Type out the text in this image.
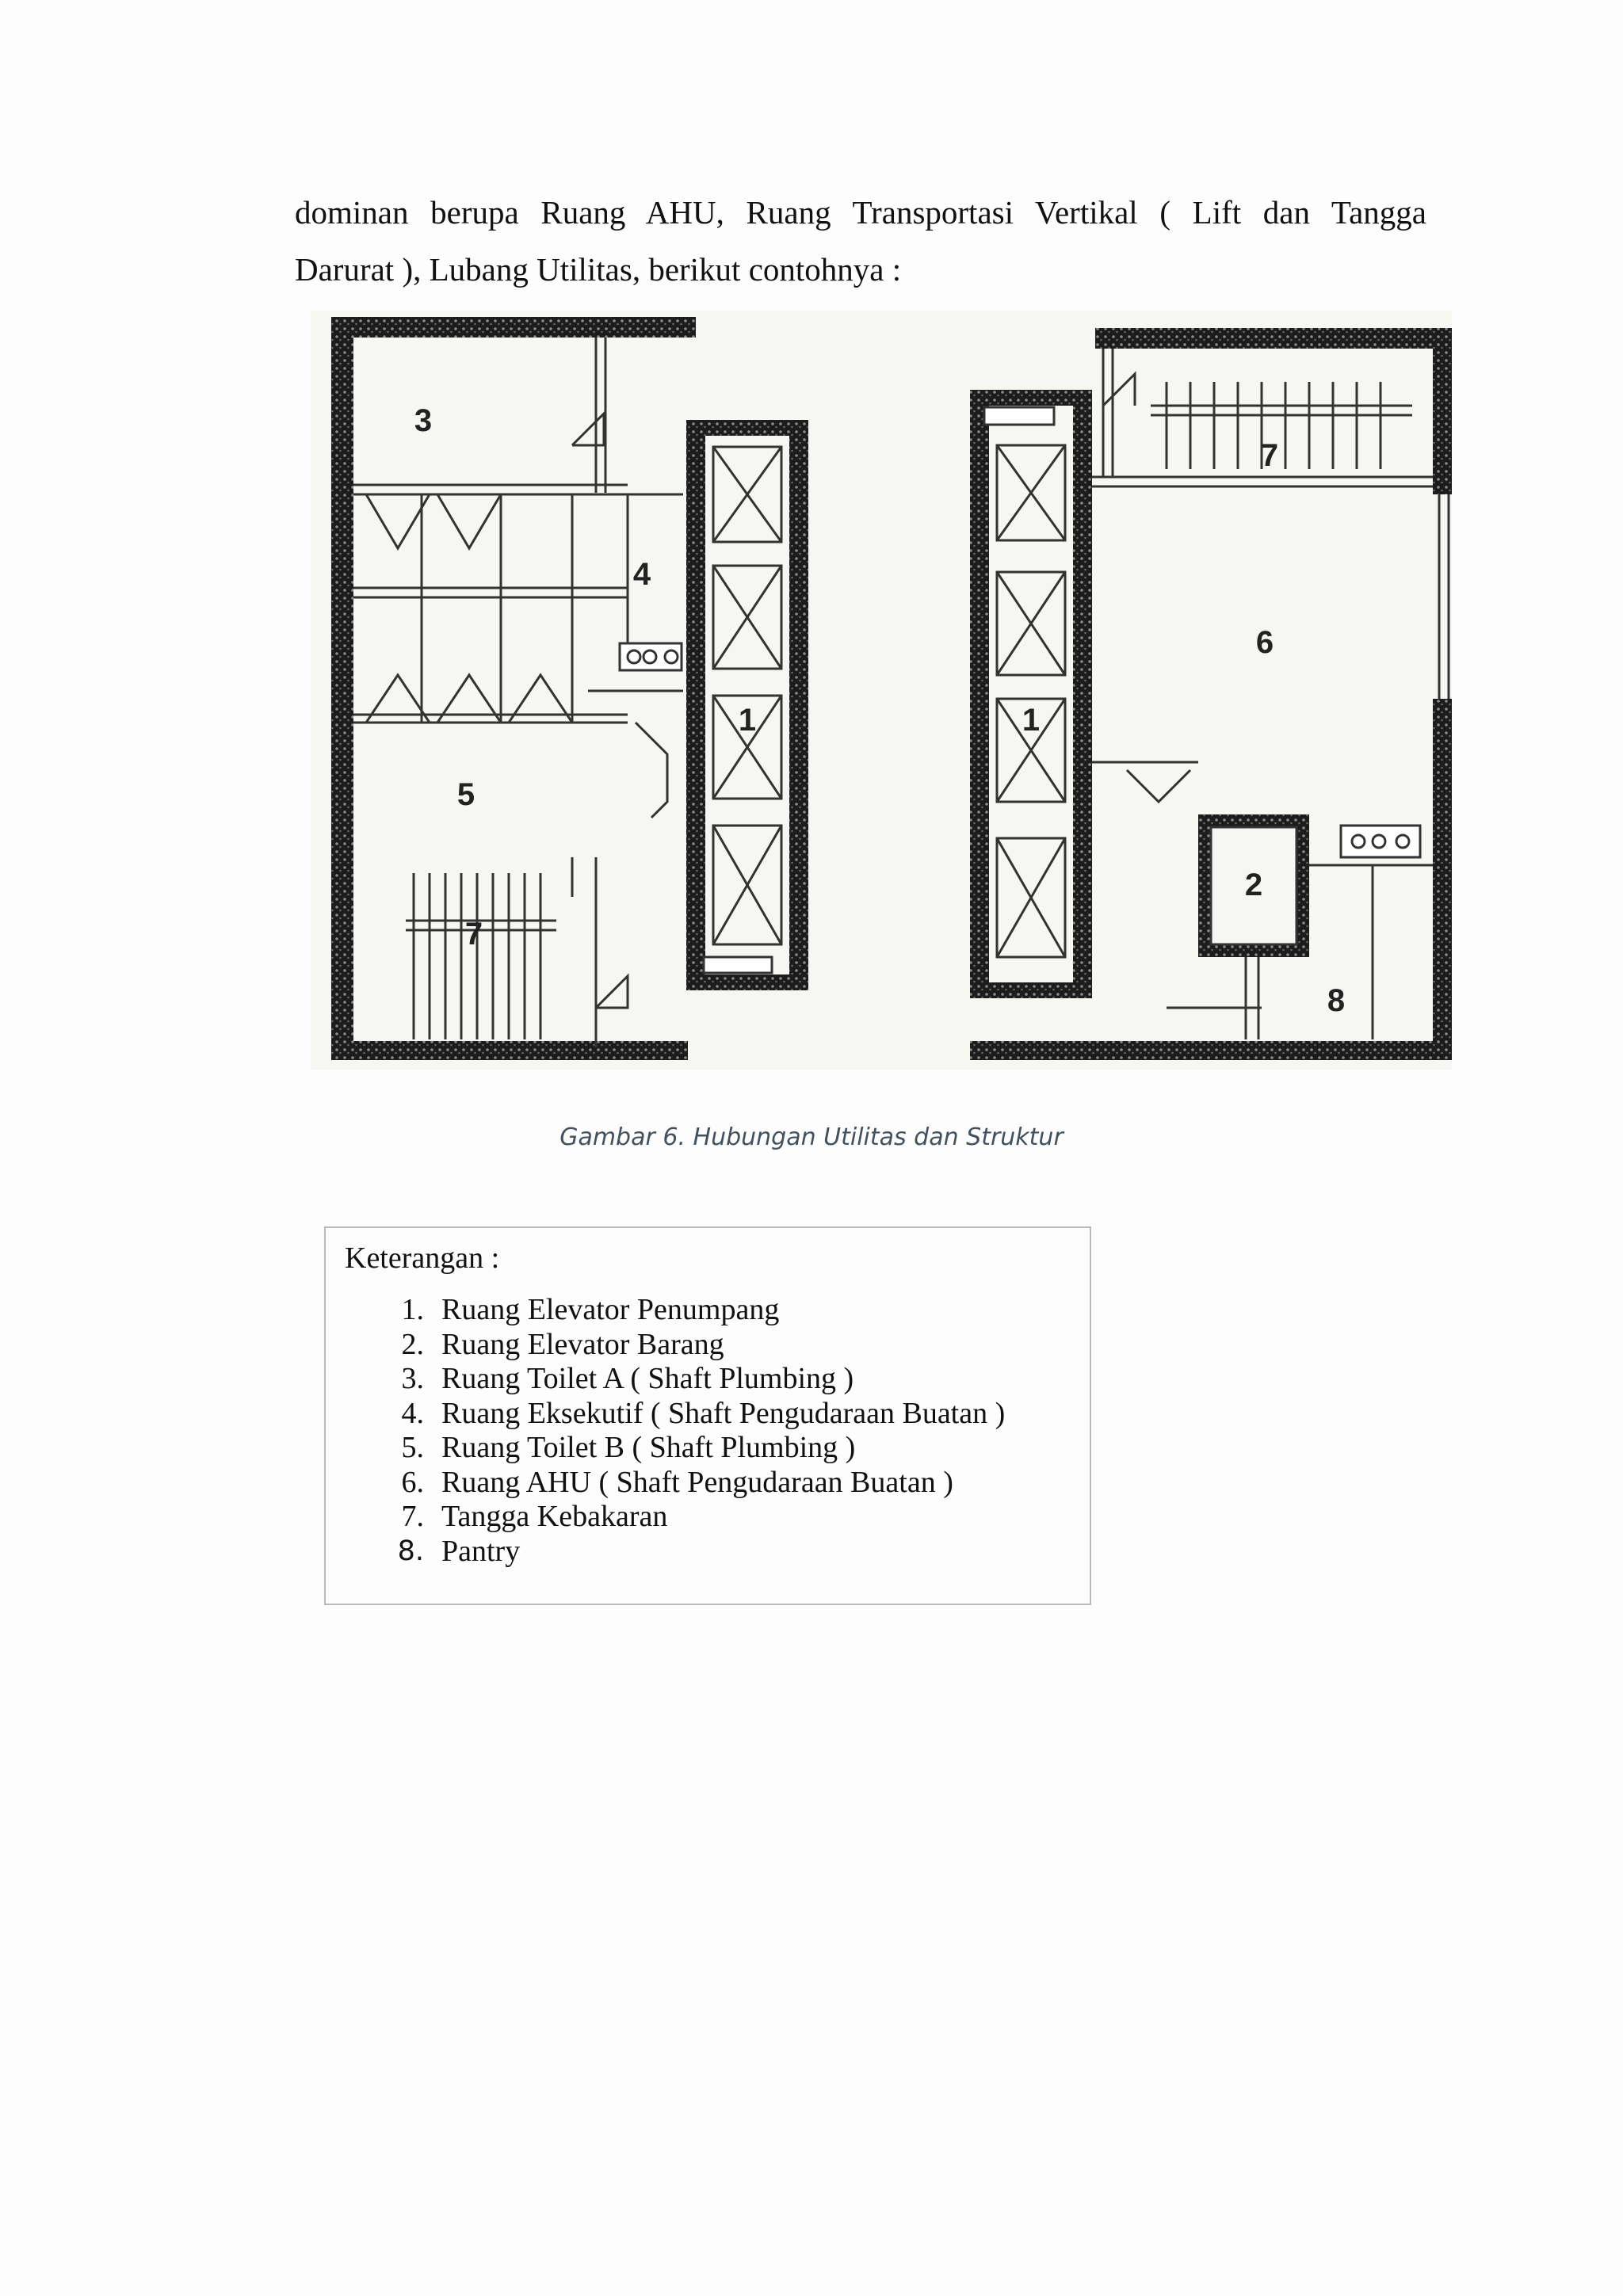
dominan berupa Ruang AHU, Ruang Transportasi Vertikal ( Lift dan Tangga
Darurat ), Lubang Utilitas, berikut contohnya :

3
4
5
7
1	1
7
6
2
8

Gambar 6. Hubungan Utilitas dan Struktur

Keterangan :

1. Ruang Elevator Penumpang
2. Ruang Elevator Barang
3. Ruang Toilet A ( Shaft Plumbing )
4. Ruang Eksekutif ( Shaft Pengudaraan Buatan )
5. Ruang Toilet B ( Shaft Plumbing )
6. Ruang AHU ( Shaft Pengudaraan Buatan )
7. Tangga Kebakaran
8. Pantry
